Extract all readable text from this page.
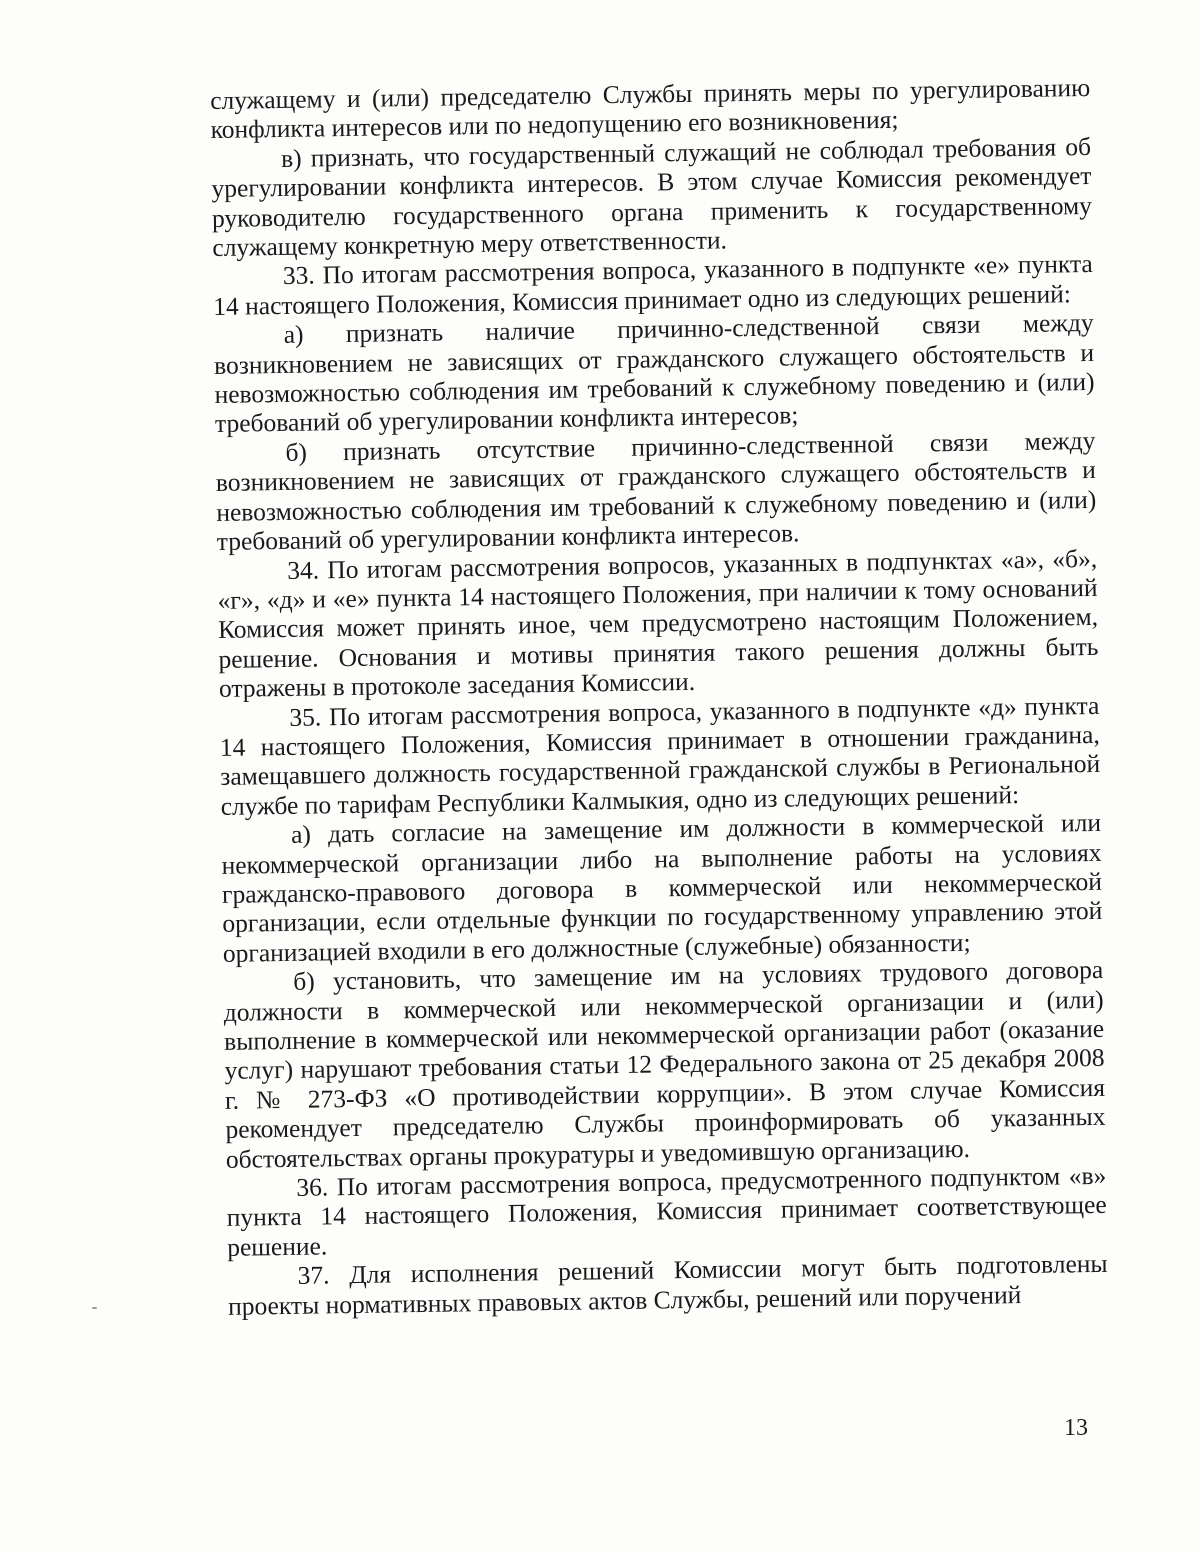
служащему и (или) председателю Службы принять меры по урегулированию конфликта интересов или по недопущению его возникновения;

в) признать, что государственный служащий не соблюдал требования об урегулировании конфликта интересов. В этом случае Комиссия рекомендует руководителю государственного органа применить к государственному служащему конкретную меру ответственности.

33. По итогам рассмотрения вопроса, указанного в подпункте «е» пункта 14 настоящего Положения, Комиссия принимает одно из следующих решений:

а) признать наличие причинно-следственной связи между возникновением не зависящих от гражданского служащего обстоятельств и невозможностью соблюдения им требований к служебному поведению и (или) требований об урегулировании конфликта интересов;

б) признать отсутствие причинно-следственной связи между возникновением не зависящих от гражданского служащего обстоятельств и невозможностью соблюдения им требований к служебному поведению и (или) требований об урегулировании конфликта интересов.

34. По итогам рассмотрения вопросов, указанных в подпунктах «а», «б», «г», «д» и «е» пункта 14 настоящего Положения, при наличии к тому оснований Комиссия может принять иное, чем предусмотрено настоящим Положением, решение. Основания и мотивы принятия такого решения должны быть отражены в протоколе заседания Комиссии.

35. По итогам рассмотрения вопроса, указанного в подпункте «д» пункта 14 настоящего Положения, Комиссия принимает в отношении гражданина, замещавшего должность государственной гражданской службы в Региональной службе по тарифам Республики Калмыкия, одно из следующих решений:

а) дать согласие на замещение им должности в коммерческой или некоммерческой организации либо на выполнение работы на условиях гражданско-правового договора в коммерческой или некоммерческой организации, если отдельные функции по государственному управлению этой организацией входили в его должностные (служебные) обязанности;

б) установить, что замещение им на условиях трудового договора должности в коммерческой или некоммерческой организации и (или) выполнение в коммерческой или некоммерческой организации работ (оказание услуг) нарушают требования статьи 12 Федерального закона от 25 декабря 2008 г. № 273-ФЗ «О противодействии коррупции». В этом случае Комиссия рекомендует председателю Службы проинформировать об указанных обстоятельствах органы прокуратуры и уведомившую организацию.

36. По итогам рассмотрения вопроса, предусмотренного подпунктом «в» пункта 14 настоящего Положения, Комиссия принимает соответствующее решение.

37. Для исполнения решений Комиссии могут быть подготовлены проекты нормативных правовых актов Службы, решений или поручений

13
